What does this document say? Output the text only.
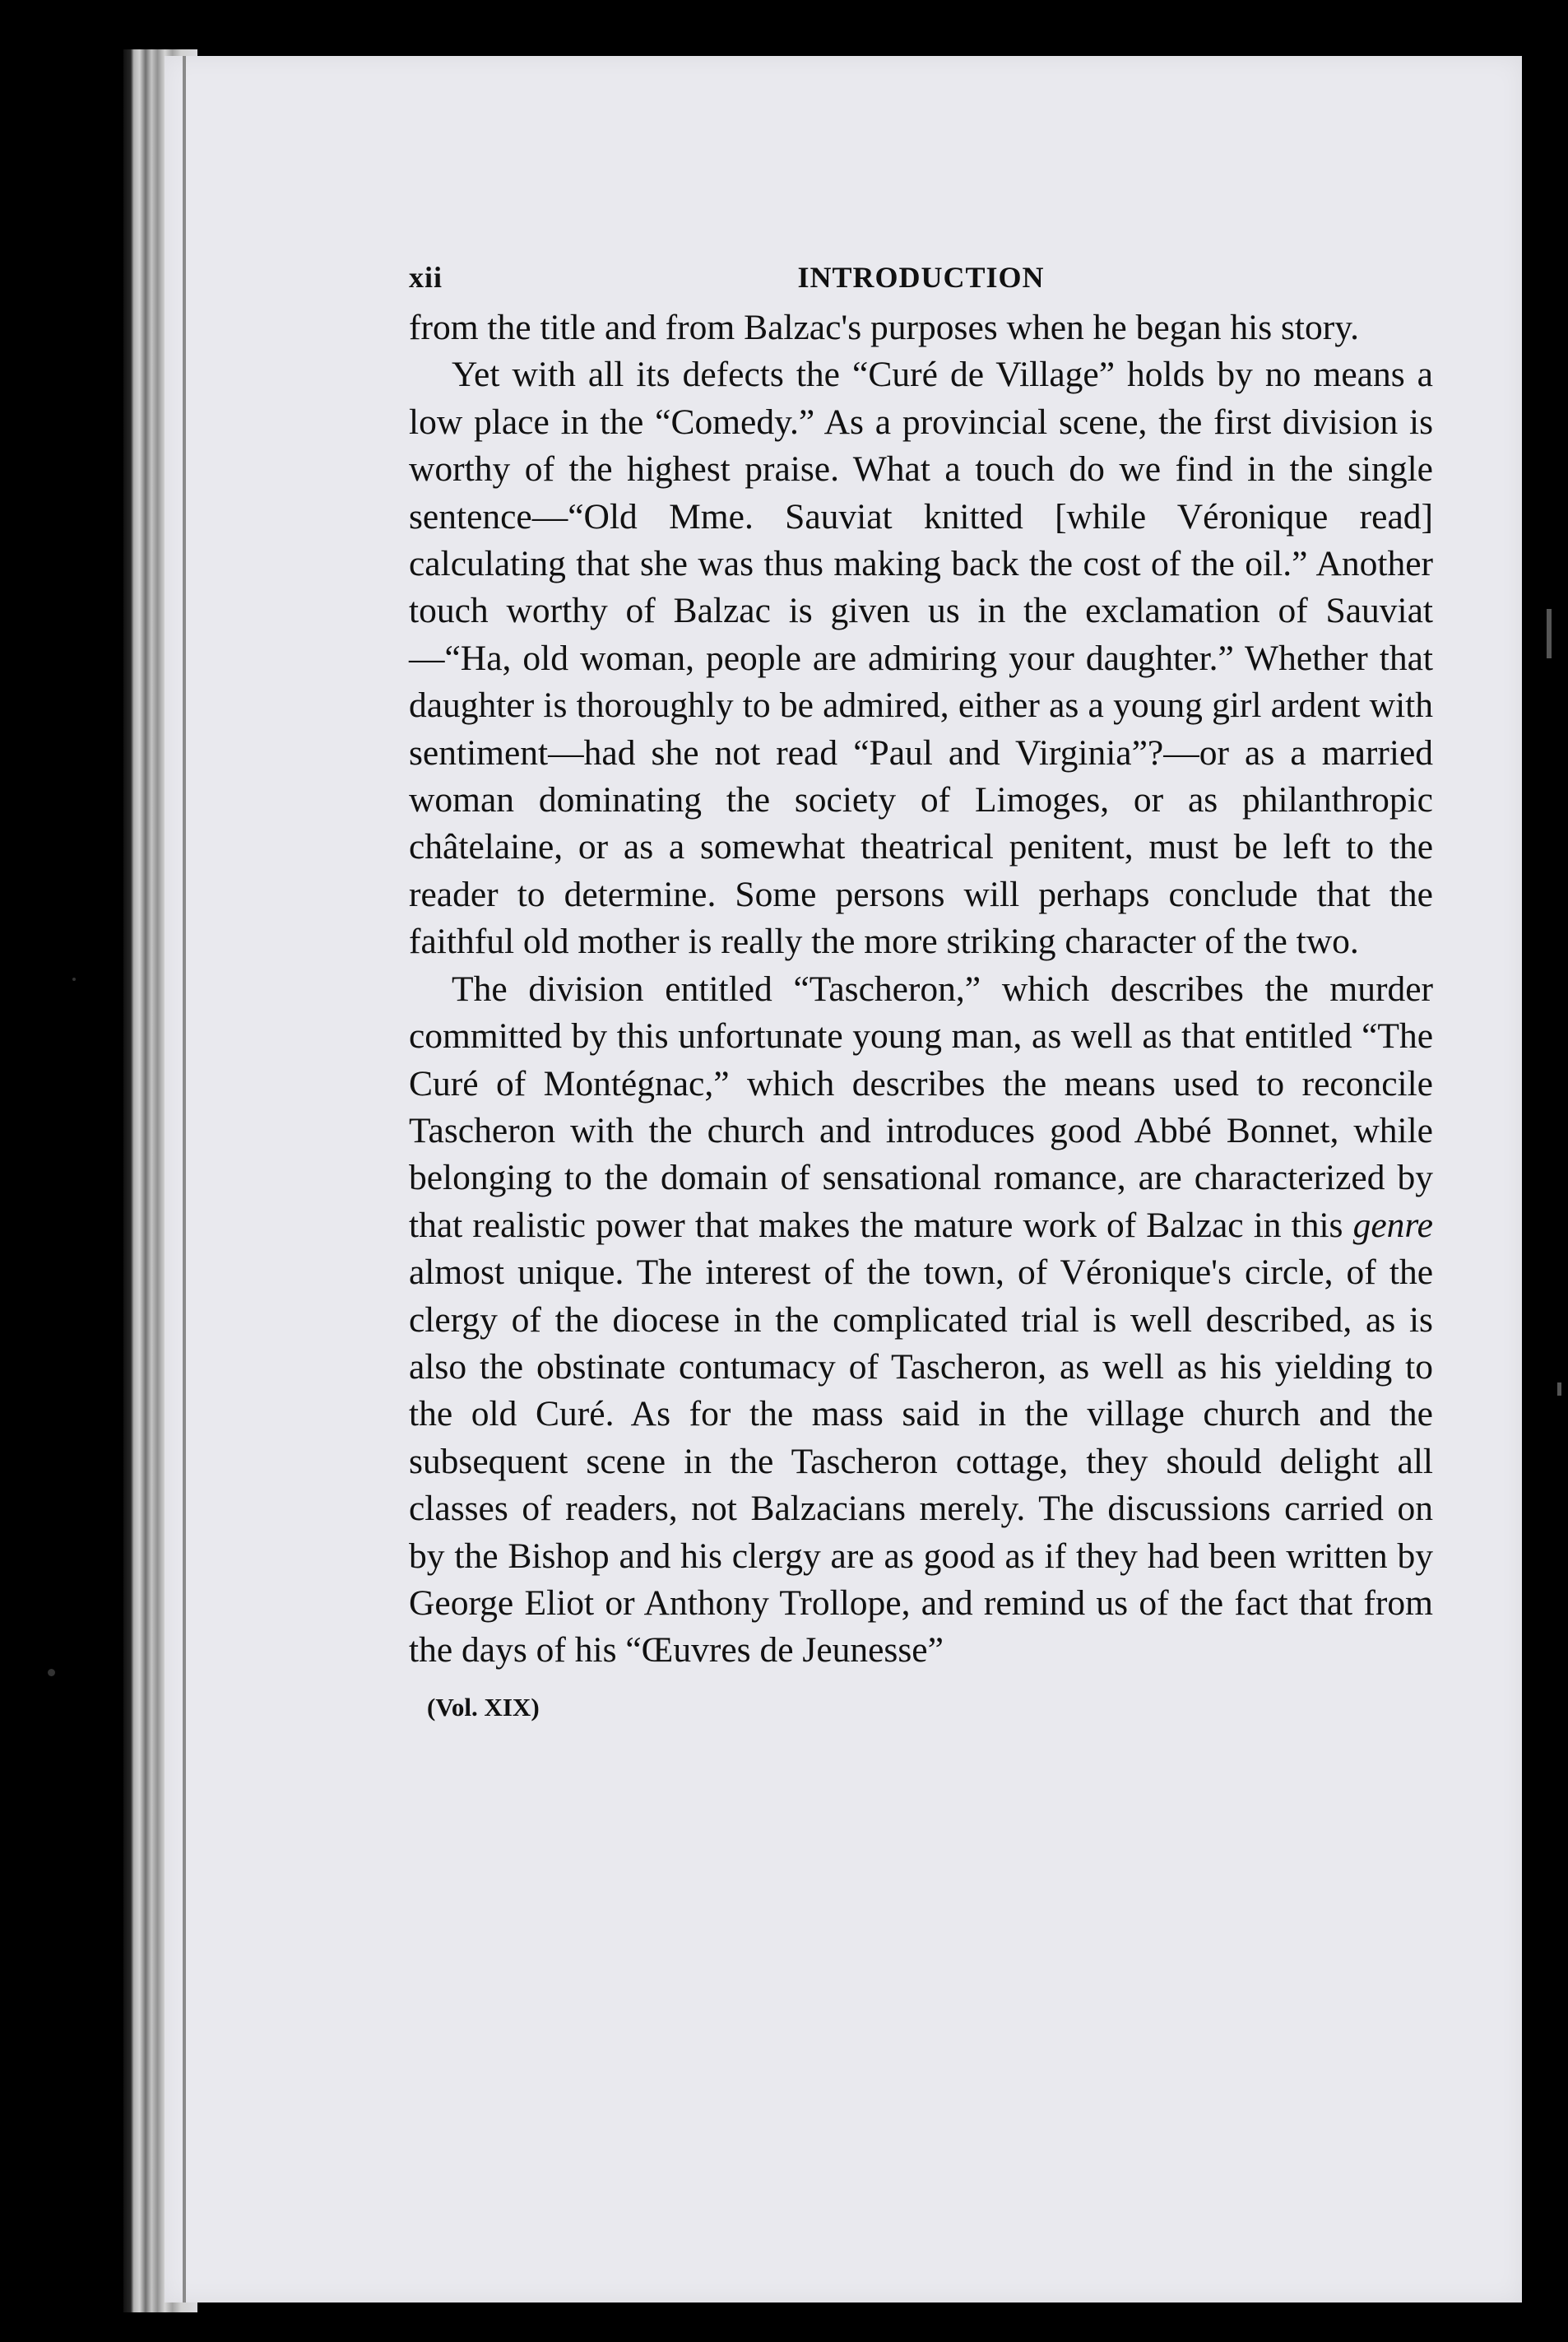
xii	INTRODUCTION

from the title and from Balzac's purposes when he began his story.

Yet with all its defects the “Curé de Village” holds by no means a low place in the “Comedy.” As a provincial scene, the first division is worthy of the highest praise. What a touch do we find in the single sentence—“Old Mme. Sauviat knitted [while Véronique read] calculating that she was thus making back the cost of the oil.” Another touch worthy of Balzac is given us in the exclamation of Sauviat—“Ha, old woman, people are admiring your daughter.” Whether that daughter is thoroughly to be admired, either as a young girl ardent with sentiment—had she not read “Paul and Virginia”?—or as a married woman dominating the society of Limoges, or as philanthropic châtelaine, or as a somewhat theatrical penitent, must be left to the reader to determine. Some persons will perhaps conclude that the faithful old mother is really the more striking character of the two.

The division entitled “Tascheron,” which describes the murder committed by this unfortunate young man, as well as that entitled “The Curé of Montégnac,” which describes the means used to reconcile Tascheron with the church and introduces good Abbé Bonnet, while belonging to the domain of sensational romance, are characterized by that realistic power that makes the mature work of Balzac in this genre almost unique. The interest of the town, of Véronique's circle, of the clergy of the diocese in the complicated trial is well described, as is also the obstinate contumacy of Tascheron, as well as his yielding to the old Curé. As for the mass said in the village church and the subsequent scene in the Tascheron cottage, they should delight all classes of readers, not Balzacians merely. The discussions carried on by the Bishop and his clergy are as good as if they had been written by George Eliot or Anthony Trollope, and remind us of the fact that from the days of his “Œuvres de Jeunesse”

(Vol. XIX)
